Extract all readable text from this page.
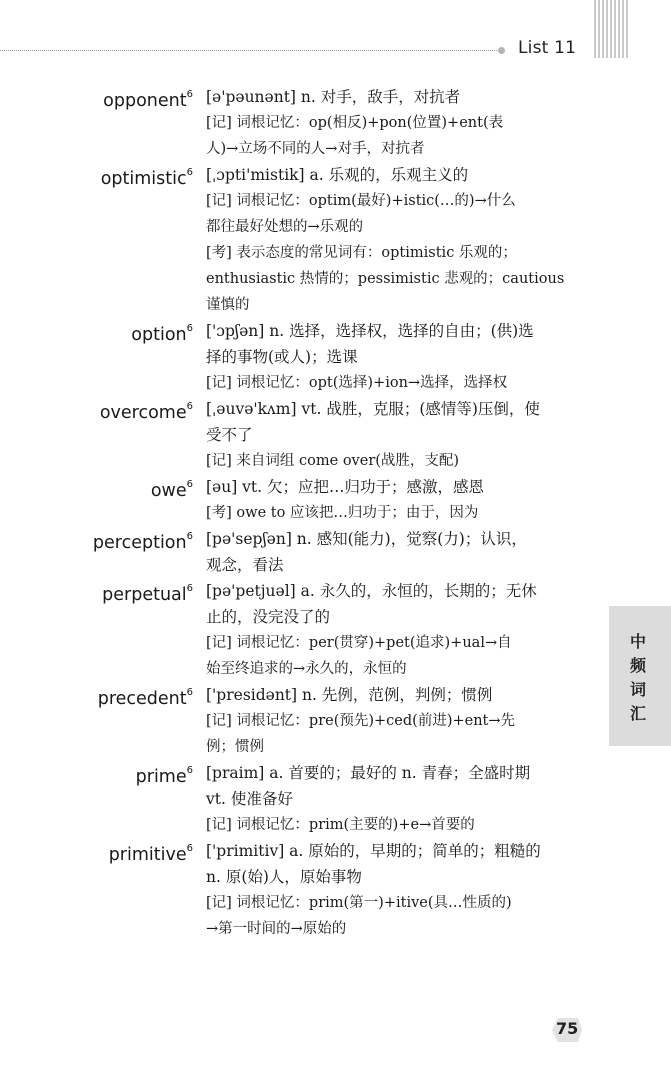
List 11
opponent$^6$ [ə'pəunənt] n. 对手，敌手，对抗者
[记] 词根记忆：op(相反)+pon(位置)+ent(表
人)→立场不同的人→对手，对抗者
optimistic$^6$ [ˌɔpti'mistik] a. 乐观的，乐观主义的
[记] 词根记忆：optim(最好)+istic(…的)→什么
都往最好处想的→乐观的
[考] 表示态度的常见词有：optimistic 乐观的；
enthusiastic 热情的；pessimistic 悲观的；cautious
谨慎的
option$^6$ ['ɔpʃən] n. 选择，选择权，选择的自由；(供)选
择的事物(或人)；选课
[记] 词根记忆：opt(选择)+ion→选择，选择权
overcome$^6$ [ˌəuvə'kʌm] vt. 战胜，克服；(感情等)压倒，使
受不了
[记] 来自词组 come over(战胜，支配)
owe$^6$ [əu] vt. 欠；应把…归功于；感激，感恩
[考] owe to 应该把…归功于；由于，因为
perception$^6$ [pə'sepʃən] n. 感知(能力)，觉察(力)；认识，
观念，看法
perpetual$^6$ [pə'petjuəl] a. 永久的，永恒的，长期的；无休
止的，没完没了的
[记] 词根记忆：per(贯穿)+pet(追求)+ual→自
始至终追求的→永久的，永恒的
precedent$^6$ ['presidənt] n. 先例，范例，判例；惯例
[记] 词根记忆：pre(预先)+ced(前进)+ent→先
例；惯例
prime$^6$ [praim] a. 首要的；最好的 n. 青春；全盛时期
vt. 使准备好
[记] 词根记忆：prim(主要的)+e→首要的
primitive$^6$ ['primitiv] a. 原始的，早期的；简单的；粗糙的
n. 原(始)人，原始事物
[记] 词根记忆：prim(第一)+itive(具…性质的)
→第一时间的→原始的
中频词汇
75
